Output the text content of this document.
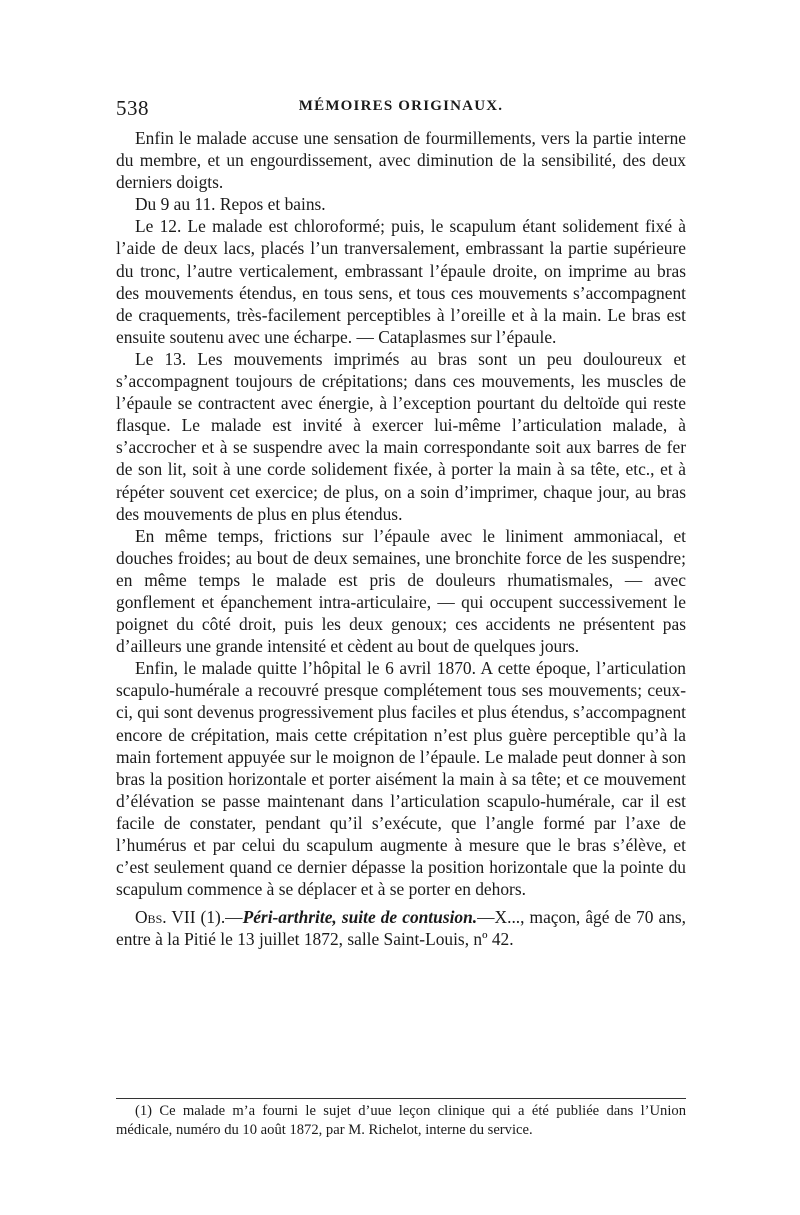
538	MÉMOIRES ORIGINAUX.

Enfin le malade accuse une sensation de fourmillements, vers la partie interne du membre, et un engourdissement, avec diminution de la sensibilité, des deux derniers doigts.

Du 9 au 11. Repos et bains.

Le 12. Le malade est chloroformé; puis, le scapulum étant solidement fixé à l’aide de deux lacs, placés l’un tranversalement, embrassant la partie supérieure du tronc, l’autre verticalement, embrassant l’épaule droite, on imprime au bras des mouvements étendus, en tous sens, et tous ces mouvements s’accompagnent de craquements, très-facilement perceptibles à l’oreille et à la main. Le bras est ensuite soutenu avec une écharpe. — Cataplasmes sur l’épaule.

Le 13. Les mouvements imprimés au bras sont un peu douloureux et s’accompagnent toujours de crépitations; dans ces mouvements, les muscles de l’épaule se contractent avec énergie, à l’exception pourtant du deltoïde qui reste flasque. Le malade est invité à exercer lui-même l’articulation malade, à s’accrocher et à se suspendre avec la main correspondante soit aux barres de fer de son lit, soit à une corde solidement fixée, à porter la main à sa tête, etc., et à répéter souvent cet exercice; de plus, on a soin d’imprimer, chaque jour, au bras des mouvements de plus en plus étendus.

En même temps, frictions sur l’épaule avec le liniment ammoniacal, et douches froides; au bout de deux semaines, une bronchite force de les suspendre; en même temps le malade est pris de douleurs rhumatismales, — avec gonflement et épanchement intra-articulaire, — qui occupent successivement le poignet du côté droit, puis les deux genoux; ces accidents ne présentent pas d’ailleurs une grande intensité et cèdent au bout de quelques jours.

Enfin, le malade quitte l’hôpital le 6 avril 1870. A cette époque, l’articulation scapulo-humérale a recouvré presque complétement tous ses mouvements; ceux-ci, qui sont devenus progressivement plus faciles et plus étendus, s’accompagnent encore de crépitation, mais cette crépitation n’est plus guère perceptible qu’à la main fortement appuyée sur le moignon de l’épaule. Le malade peut donner à son bras la position horizontale et porter aisément la main à sa tête; et ce mouvement d’élévation se passe maintenant dans l’articulation scapulo-humérale, car il est facile de constater, pendant qu’il s’exécute, que l’angle formé par l’axe de l’humérus et par celui du scapulum augmente à mesure que le bras s’élève, et c’est seulement quand ce dernier dépasse la position horizontale que la pointe du scapulum commence à se déplacer et à se porter en dehors.

Obs. VII (1).—Péri-arthrite, suite de contusion.—X..., maçon, âgé de 70 ans, entre à la Pitié le 13 juillet 1872, salle Saint-Louis, nº 42.

(1) Ce malade m’a fourni le sujet d’uue leçon clinique qui a été publiée dans l’Union médicale, numéro du 10 août 1872, par M. Richelot, interne du service.
